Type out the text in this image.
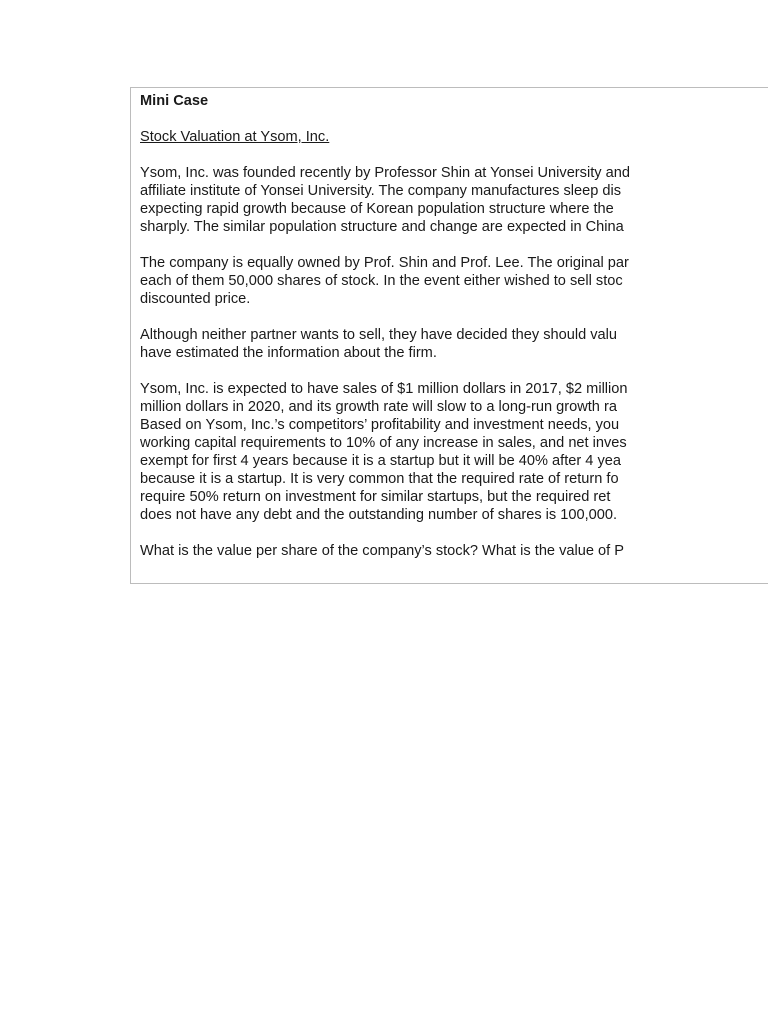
Mini Case

Stock Valuation at Ysom, Inc.

Ysom, Inc. was founded recently by Professor Shin at Yonsei University and

affiliate institute of Yonsei University. The company manufactures sleep dis

expecting rapid growth because of Korean population structure where the

sharply. The similar population structure and change are expected in China

The company is equally owned by Prof. Shin and Prof. Lee. The original par

each of them 50,000 shares of stock. In the event either wished to sell stoc

discounted price.

Although neither partner wants to sell, they have decided they should valu

have estimated the information about the firm.

Ysom, Inc. is expected to have sales of $1 million dollars in 2017, $2 million

million dollars in 2020, and its growth rate will slow to a long-run growth ra

Based on Ysom, Inc.’s competitors’ profitability and investment needs, you

working capital requirements to 10% of any increase in sales, and net inves

exempt for first 4 years because it is a startup but it will be 40% after 4 yea

because it is a startup. It is very common that the required rate of return fo

require 50% return on investment for similar startups, but the required ret

does not have any debt and the outstanding number of shares is 100,000.

What is the value per share of the company’s stock? What is the value of P
